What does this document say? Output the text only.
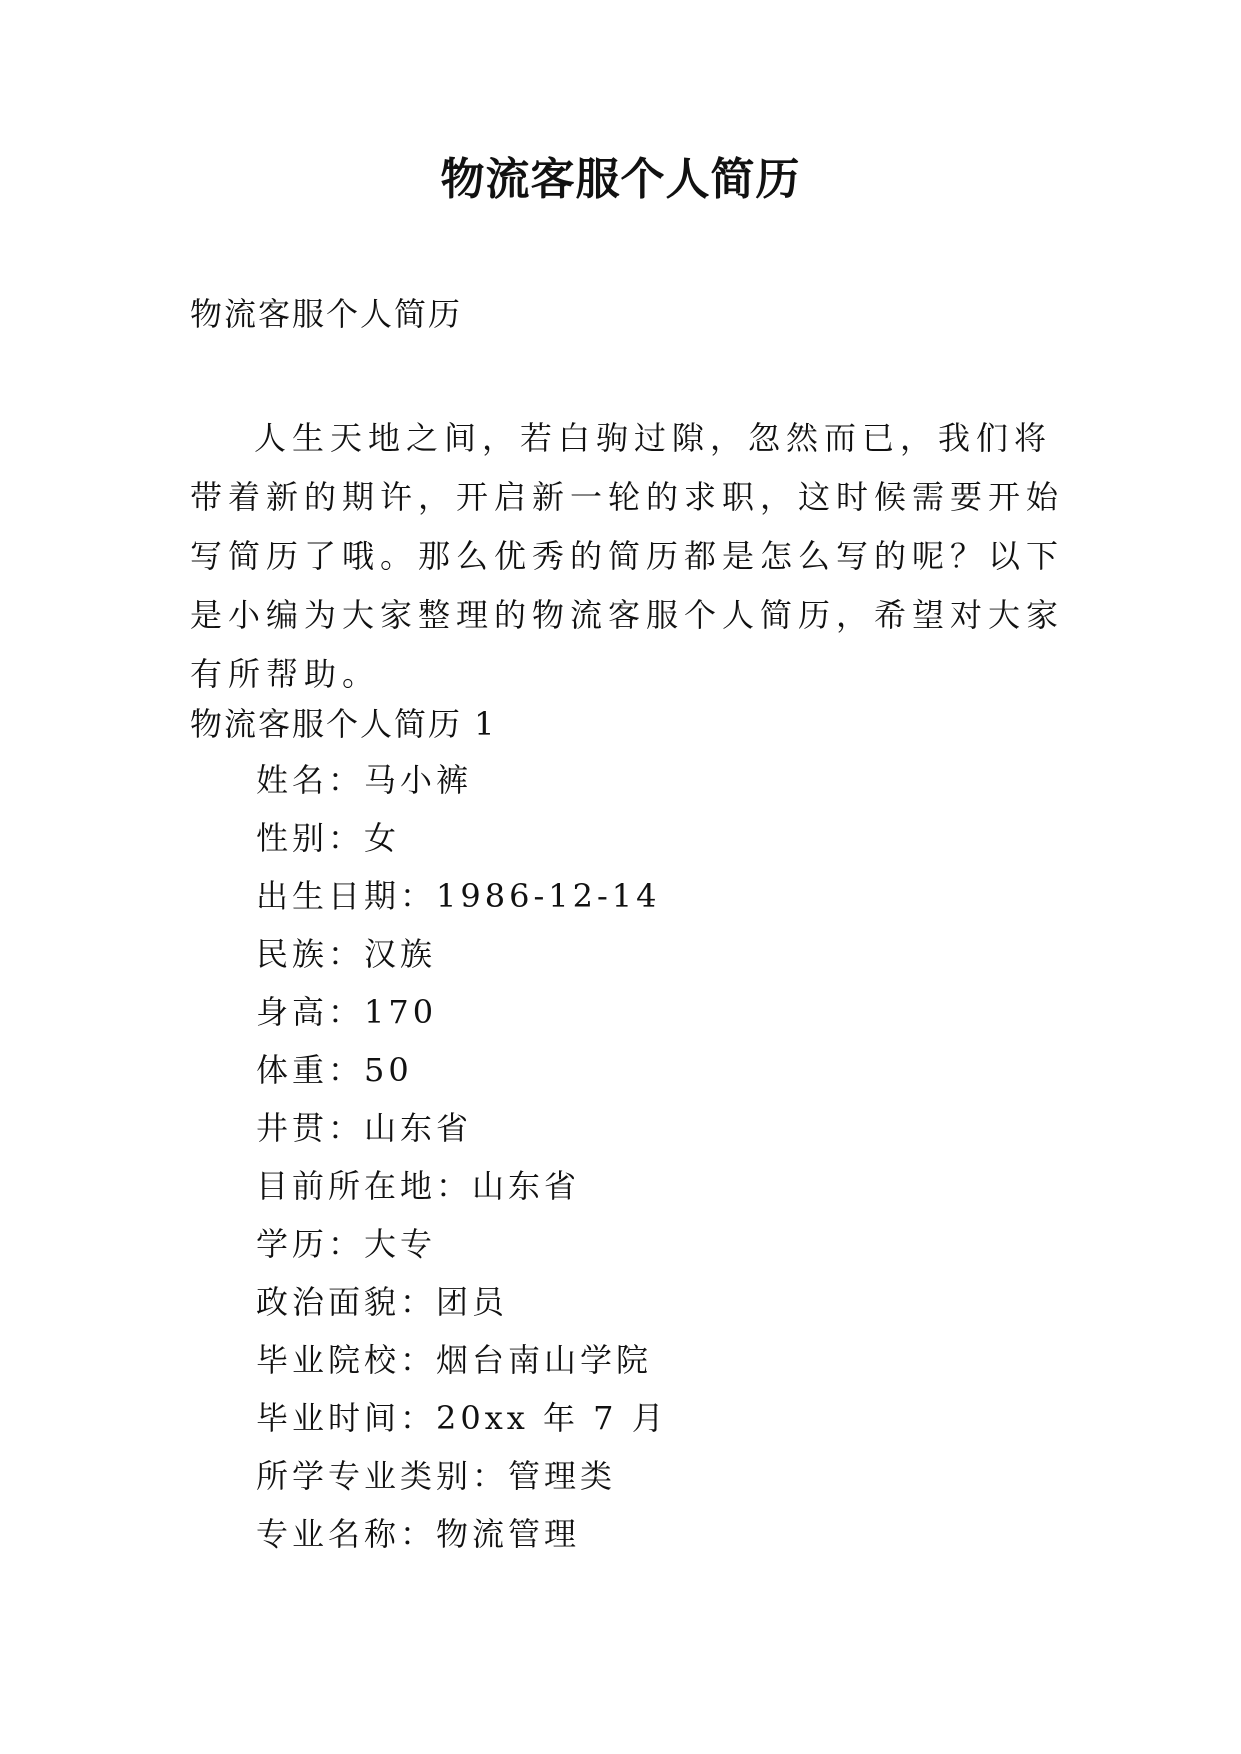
物流客服个人简历

物流客服个人简历

人生天地之间，若白驹过隙，忽然而已，我们将带着新的期许，开启新一轮的求职，这时候需要开始写简历了哦。那么优秀的简历都是怎么写的呢？以下是小编为大家整理的物流客服个人简历，希望对大家有所帮助。

物流客服个人简历 1

姓名：马小裤
性别：女
出生日期：1986-12-14
民族：汉族
身高：170
体重：50
井贯：山东省
目前所在地：山东省
学历：大专
政治面貌：团员
毕业院校：烟台南山学院
毕业时间：20xx 年 7 月
所学专业类别：管理类
专业名称：物流管理
